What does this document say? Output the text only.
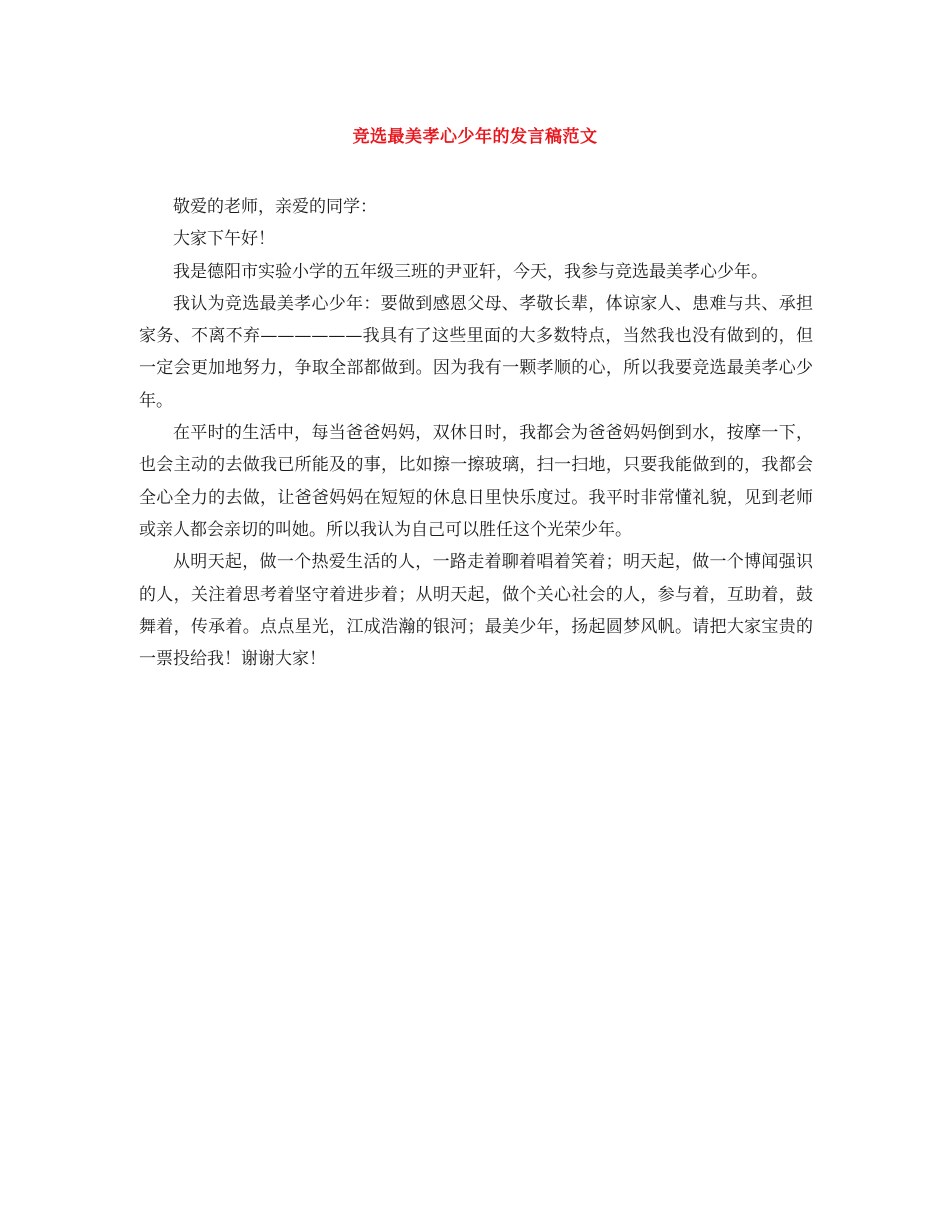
竞选最美孝心少年的发言稿范文

敬爱的老师，亲爱的同学：

大家下午好！

我是德阳市实验小学的五年级三班的尹亚轩，今天，我参与竞选最美孝心少年。

我认为竞选最美孝心少年：要做到感恩父母、孝敬长辈，体谅家人、患难与共、承担家务、不离不弃——————我具有了这些里面的大多数特点，当然我也没有做到的，但一定会更加地努力，争取全部都做到。因为我有一颗孝顺的心，所以我要竞选最美孝心少年。

在平时的生活中，每当爸爸妈妈，双休日时，我都会为爸爸妈妈倒到水，按摩一下，也会主动的去做我已所能及的事，比如擦一擦玻璃，扫一扫地，只要我能做到的，我都会全心全力的去做，让爸爸妈妈在短短的休息日里快乐度过。我平时非常懂礼貌，见到老师或亲人都会亲切的叫她。所以我认为自己可以胜任这个光荣少年。

从明天起，做一个热爱生活的人，一路走着聊着唱着笑着；明天起，做一个博闻强识的人，关注着思考着坚守着进步着；从明天起，做个关心社会的人，参与着，互助着，鼓舞着，传承着。点点星光，江成浩瀚的银河；最美少年，扬起圆梦风帆。请把大家宝贵的一票投给我！谢谢大家！
